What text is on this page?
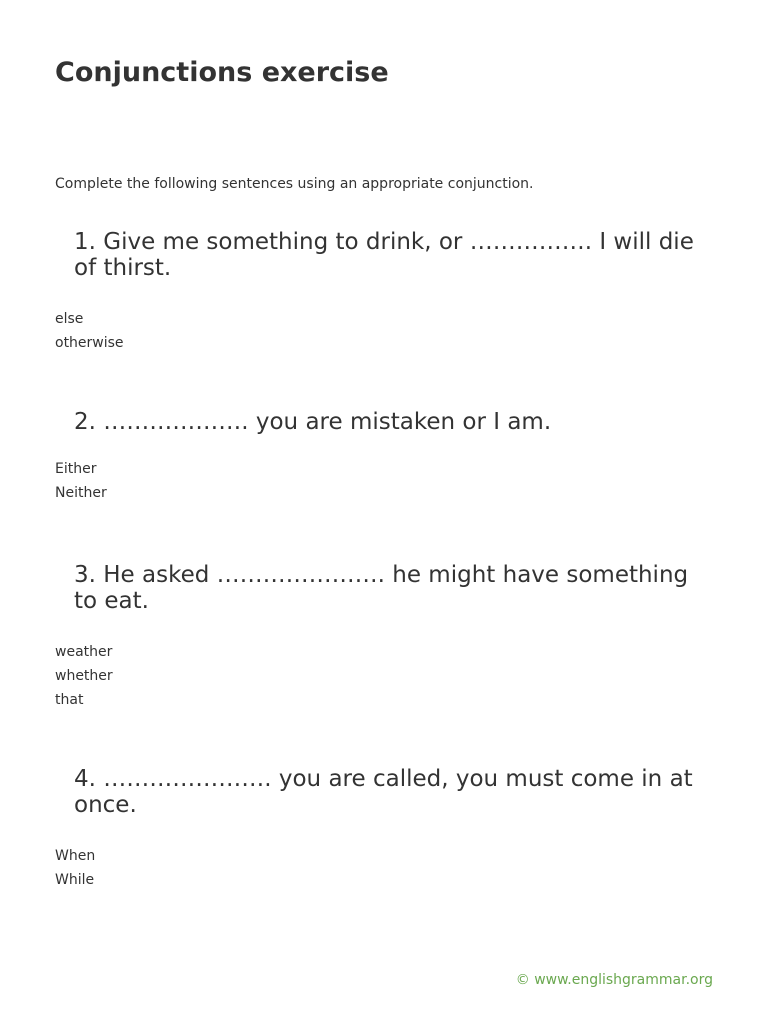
Conjunctions exercise

Complete the following sentences using an appropriate conjunction.

1. Give me something to drink, or ……………. I will die of thirst.

else
otherwise

2. ………………. you are mistaken or I am.

Either
Neither

3. He asked …………………. he might have something to eat.

weather
whether
that

4. …………………. you are called, you must come in at once.

When
While
© www.englishgrammar.org
